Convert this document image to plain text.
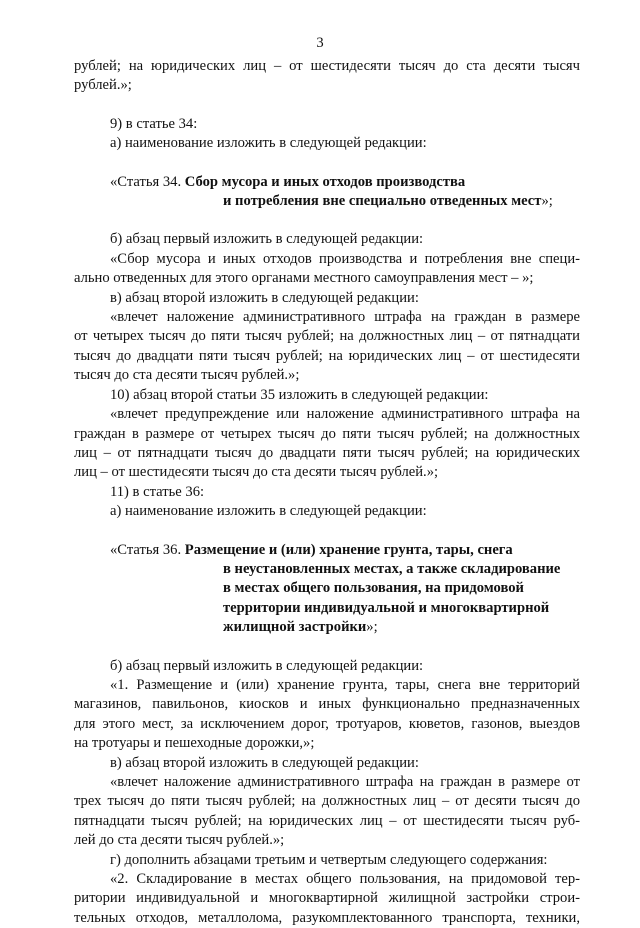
3

рублей; на юридических лиц – от шестидесяти тысяч до ста десяти тысяч

рублей.»;

9) в статье 34:

а) наименование изложить в следующей редакции:

«Статья 34. Сбор мусора и иных отходов производства
и потребления вне специально отведенных мест»;

б) абзац первый изложить в следующей редакции:

«Сбор мусора и иных отходов производства и потребления вне специ-

ально отведенных для этого органами местного самоуправления мест – »;

в) абзац второй изложить в следующей редакции:

«влечет наложение административного штрафа на граждан в размере

от четырех тысяч до пяти тысяч рублей; на должностных лиц – от пятнадцати

тысяч до двадцати пяти тысяч рублей; на юридических лиц – от шестидесяти

тысяч до ста десяти тысяч рублей.»;

10) абзац второй статьи 35 изложить в следующей редакции:

«влечет предупреждение или наложение административного штрафа на

граждан в размере от четырех тысяч до пяти тысяч рублей; на должностных

лиц – от пятнадцати тысяч до двадцати пяти тысяч рублей; на юридических

лиц – от шестидесяти тысяч до ста десяти тысяч рублей.»;

11) в статье 36:

а) наименование изложить в следующей редакции:

«Статья 36. Размещение и (или) хранение грунта, тары, снега
в неустановленных местах, а также складирование
в местах общего пользования, на придомовой
территории индивидуальной и многоквартирной
жилищной застройки»;

б) абзац первый изложить в следующей редакции:

«1. Размещение и (или) хранение грунта, тары, снега вне территорий

магазинов, павильонов, киосков и иных функционально предназначенных

для этого мест, за исключением дорог, тротуаров, кюветов, газонов, выездов

на тротуары и пешеходные дорожки,»;

в) абзац второй изложить в следующей редакции:

«влечет наложение административного штрафа на граждан в размере от

трех тысяч до пяти тысяч рублей; на должностных лиц – от десяти тысяч до

пятнадцати тысяч рублей; на юридических лиц – от шестидесяти тысяч руб-

лей до ста десяти тысяч рублей.»;

г) дополнить абзацами третьим и четвертым следующего содержания:

«2. Складирование в местах общего пользования, на придомовой тер-

ритории индивидуальной и многоквартирной жилищной застройки строи-

тельных отходов, металлолома, разукомплектованного транспорта, техники,
